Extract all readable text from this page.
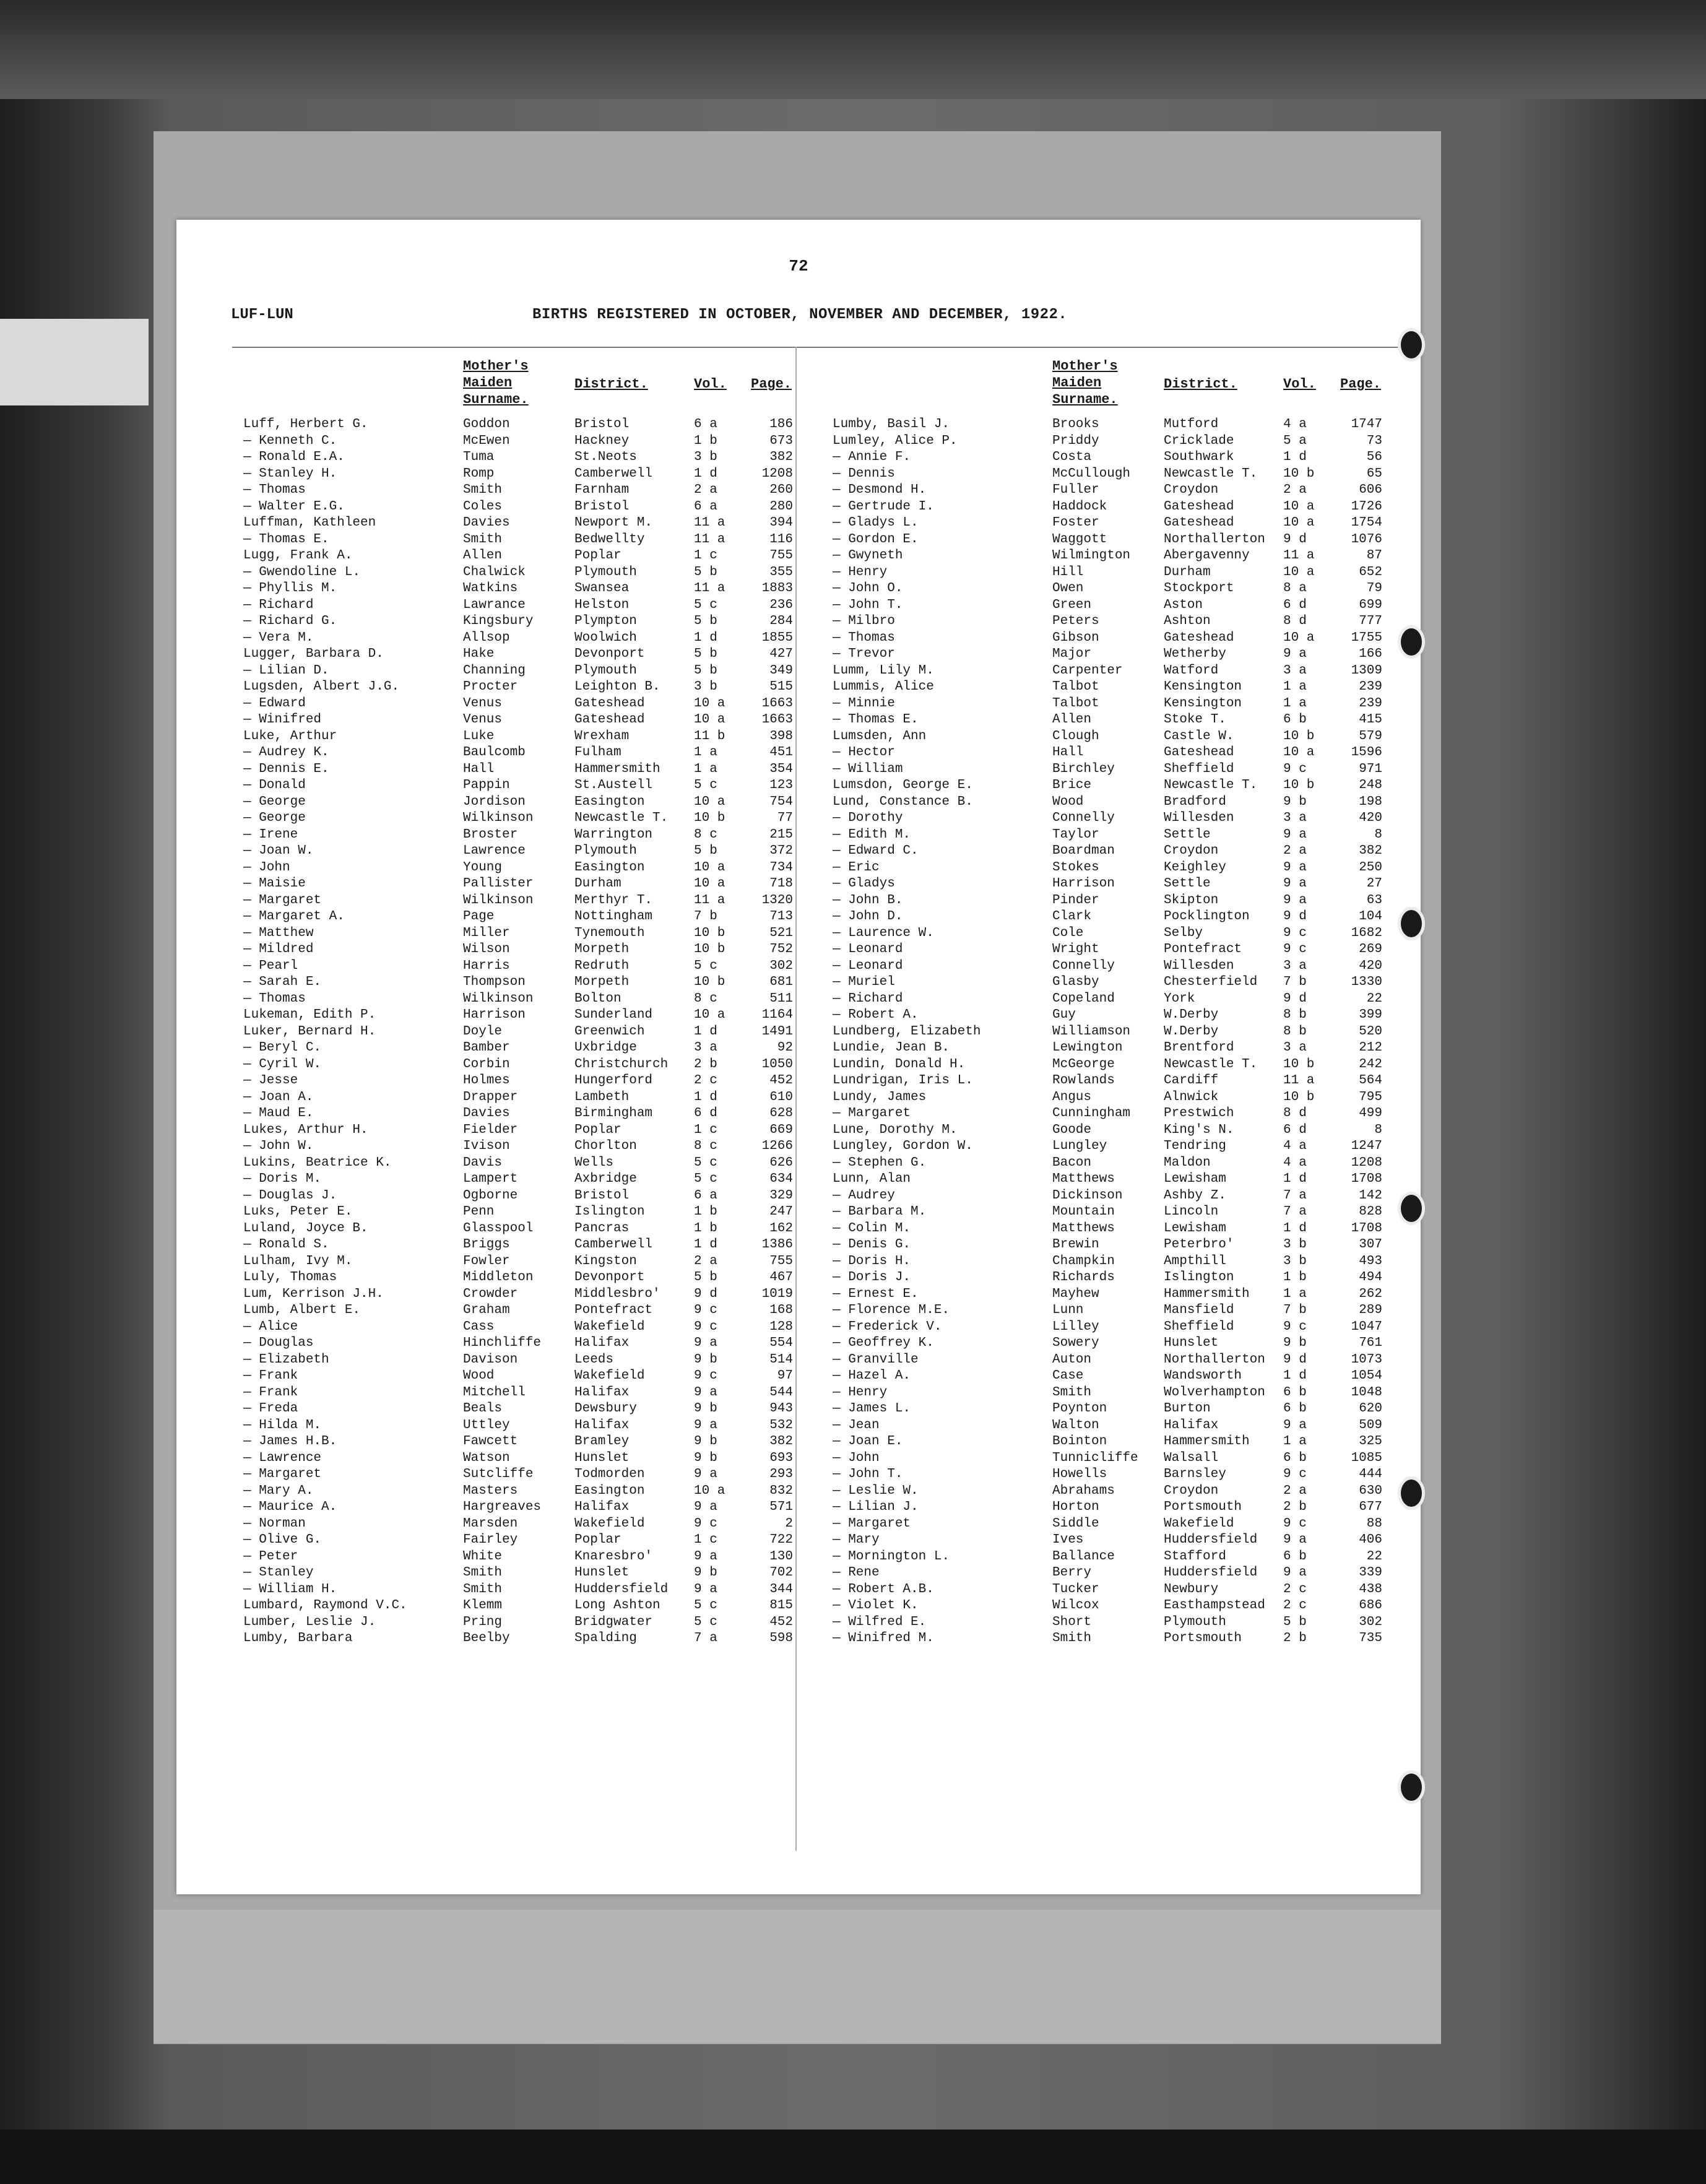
72
LUF-LUN	BIRTHS REGISTERED IN OCTOBER, NOVEMBER AND DECEMBER, 1922.
Mother's
Maiden
Surname.
District.	Vol. Page.
Luff, Herbert G.	Goddon	Bristol	6 a	186
— Kenneth C.	McEwen	Hackney	1 b	673
— Ronald E.A.	Tuma	St.Neots	3 b	382
— Stanley H.	Romp	Camberwell	1 d	1208
— Thomas	Smith	Farnham	2 a	260
— Walter E.G.	Coles	Bristol	6 a	280
Luffman, Kathleen	Davies	Newport M.	11 a	394
— Thomas E.	Smith	Bedwellty	11 a	116
Lugg, Frank A.	Allen	Poplar	1 c	755
— Gwendoline L.	Chalwick	Plymouth	5 b	355
— Phyllis M.	Watkins	Swansea	11 a	1883
— Richard	Lawrance	Helston	5 c	236
— Richard G.	Kingsbury	Plympton	5 b	284
— Vera M.	Allsop	Woolwich	1 d	1855
Lugger, Barbara D.	Hake	Devonport	5 b	427
— Lilian D.	Channing	Plymouth	5 b	349
Lugsden, Albert J.G.	Procter	Leighton B.	3 b	515
— Edward	Venus	Gateshead	10 a	1663
— Winifred	Venus	Gateshead	10 a	1663
Luke, Arthur	Luke	Wrexham	11 b	398
— Audrey K.	Baulcomb	Fulham	1 a	451
— Dennis E.	Hall	Hammersmith	1 a	354
— Donald	Pappin	St.Austell	5 c	123
— George	Jordison	Easington	10 a	754
— George	Wilkinson	Newcastle T.	10 b	77
— Irene	Broster	Warrington	8 c	215
— Joan W.	Lawrence	Plymouth	5 b	372
— John	Young	Easington	10 a	734
— Maisie	Pallister	Durham	10 a	718
— Margaret	Wilkinson	Merthyr T.	11 a	1320
— Margaret A.	Page	Nottingham	7 b	713
— Matthew	Miller	Tynemouth	10 b	521
— Mildred	Wilson	Morpeth	10 b	752
— Pearl	Harris	Redruth	5 c	302
— Sarah E.	Thompson	Morpeth	10 b	681
— Thomas	Wilkinson	Bolton	8 c	511
Lukeman, Edith P.	Harrison	Sunderland	10 a	1164
Luker, Bernard H.	Doyle	Greenwich	1 d	1491
— Beryl C.	Bamber	Uxbridge	3 a	92
— Cyril W.	Corbin	Christchurch	2 b	1050
— Jesse	Holmes	Hungerford	2 c	452
— Joan A.	Drapper	Lambeth	1 d	610
— Maud E.	Davies	Birmingham	6 d	628
Lukes, Arthur H.	Fielder	Poplar	1 c	669
— John W.	Ivison	Chorlton	8 c	1266
Lukins, Beatrice K.	Davis	Wells	5 c	626
— Doris M.	Lampert	Axbridge	5 c	634
— Douglas J.	Ogborne	Bristol	6 a	329
Luks, Peter E.	Penn	Islington	1 b	247
Luland, Joyce B.	Glasspool	Pancras	1 b	162
— Ronald S.	Briggs	Camberwell	1 d	1386
Lulham, Ivy M.	Fowler	Kingston	2 a	755
Luly, Thomas	Middleton	Devonport	5 b	467
Lum, Kerrison J.H.	Crowder	Middlesbro'	9 d	1019
Lumb, Albert E.	Graham	Pontefract	9 c	168
— Alice	Cass	Wakefield	9 c	128
— Douglas	Hinchliffe	Halifax	9 a	554
— Elizabeth	Davison	Leeds	9 b	514
— Frank	Wood	Wakefield	9 c	97
— Frank	Mitchell	Halifax	9 a	544
— Freda	Beals	Dewsbury	9 b	943
— Hilda M.	Uttley	Halifax	9 a	532
— James H.B.	Fawcett	Bramley	9 b	382
— Lawrence	Watson	Hunslet	9 b	693
— Margaret	Sutcliffe	Todmorden	9 a	293
— Mary A.	Masters	Easington	10 a	832
— Maurice A.	Hargreaves	Halifax	9 a	571
— Norman	Marsden	Wakefield	9 c	2
— Olive G.	Fairley	Poplar	1 c	722
— Peter	White	Knaresbro'	9 a	130
— Stanley	Smith	Hunslet	9 b	702
— William H.	Smith	Huddersfield	9 a	344
Lumbard, Raymond V.C.	Klemm	Long Ashton	5 c	815
Lumber, Leslie J.	Pring	Bridgwater	5 c	452
Lumby, Barbara	Beelby	Spalding	7 a	598
Mother's
Maiden
Surname.
District.	Vol. Page.
Lumby, Basil J.	Brooks	Mutford	4 a	1747
Lumley, Alice P.	Priddy	Cricklade	5 a	73
— Annie F.	Costa	Southwark	1 d	56
— Dennis	McCullough	Newcastle T.	10 b	65
— Desmond H.	Fuller	Croydon	2 a	606
— Gertrude I.	Haddock	Gateshead	10 a	1726
— Gladys L.	Foster	Gateshead	10 a	1754
— Gordon E.	Waggott	Northallerton	9 d	1076
— Gwyneth	Wilmington	Abergavenny	11 a	87
— Henry	Hill	Durham	10 a	652
— John O.	Owen	Stockport	8 a	79
— John T.	Green	Aston	6 d	699
— Milbro	Peters	Ashton	8 d	777
— Thomas	Gibson	Gateshead	10 a	1755
— Trevor	Major	Wetherby	9 a	166
Lumm, Lily M.	Carpenter	Watford	3 a	1309
Lummis, Alice	Talbot	Kensington	1 a	239
— Minnie	Talbot	Kensington	1 a	239
— Thomas E.	Allen	Stoke T.	6 b	415
Lumsden, Ann	Clough	Castle W.	10 b	579
— Hector	Hall	Gateshead	10 a	1596
— William	Birchley	Sheffield	9 c	971
Lumsdon, George E.	Brice	Newcastle T.	10 b	248
Lund, Constance B.	Wood	Bradford	9 b	198
— Dorothy	Connelly	Willesden	3 a	420
— Edith M.	Taylor	Settle	9 a	8
— Edward C.	Boardman	Croydon	2 a	382
— Eric	Stokes	Keighley	9 a	250
— Gladys	Harrison	Settle	9 a	27
— John B.	Pinder	Skipton	9 a	63
— John D.	Clark	Pocklington	9 d	104
— Laurence W.	Cole	Selby	9 c	1682
— Leonard	Wright	Pontefract	9 c	269
— Leonard	Connelly	Willesden	3 a	420
— Muriel	Glasby	Chesterfield	7 b	1330
— Richard	Copeland	York	9 d	22
— Robert A.	Guy	W.Derby	8 b	399
Lundberg, Elizabeth	Williamson	W.Derby	8 b	520
Lundie, Jean B.	Lewington	Brentford	3 a	212
Lundin, Donald H.	McGeorge	Newcastle T.	10 b	242
Lundrigan, Iris L.	Rowlands	Cardiff	11 a	564
Lundy, James	Angus	Alnwick	10 b	795
— Margaret	Cunningham	Prestwich	8 d	499
Lune, Dorothy M.	Goode	King's N.	6 d	8
Lungley, Gordon W.	Lungley	Tendring	4 a	1247
— Stephen G.	Bacon	Maldon	4 a	1208
Lunn, Alan	Matthews	Lewisham	1 d	1708
— Audrey	Dickinson	Ashby Z.	7 a	142
— Barbara M.	Mountain	Lincoln	7 a	828
— Colin M.	Matthews	Lewisham	1 d	1708
— Denis G.	Brewin	Peterbro'	3 b	307
— Doris H.	Champkin	Ampthill	3 b	493
— Doris J.	Richards	Islington	1 b	494
— Ernest E.	Mayhew	Hammersmith	1 a	262
— Florence M.E.	Lunn	Mansfield	7 b	289
— Frederick V.	Lilley	Sheffield	9 c	1047
— Geoffrey K.	Sowery	Hunslet	9 b	761
— Granville	Auton	Northallerton	9 d	1073
— Hazel A.	Case	Wandsworth	1 d	1054
— Henry	Smith	Wolverhampton	6 b	1048
— James L.	Poynton	Burton	6 b	620
— Jean	Walton	Halifax	9 a	509
— Joan E.	Bointon	Hammersmith	1 a	325
— John	Tunnicliffe	Walsall	6 b	1085
— John T.	Howells	Barnsley	9 c	444
— Leslie W.	Abrahams	Croydon	2 a	630
— Lilian J.	Horton	Portsmouth	2 b	677
— Margaret	Siddle	Wakefield	9 c	88
— Mary	Ives	Huddersfield	9 a	406
— Mornington L.	Ballance	Stafford	6 b	22
— Rene	Berry	Huddersfield	9 a	339
— Robert A.B.	Tucker	Newbury	2 c	438
— Violet K.	Wilcox	Easthampstead	2 c	686
— Wilfred E.	Short	Plymouth	5 b	302
— Winifred M.	Smith	Portsmouth	2 b	735
